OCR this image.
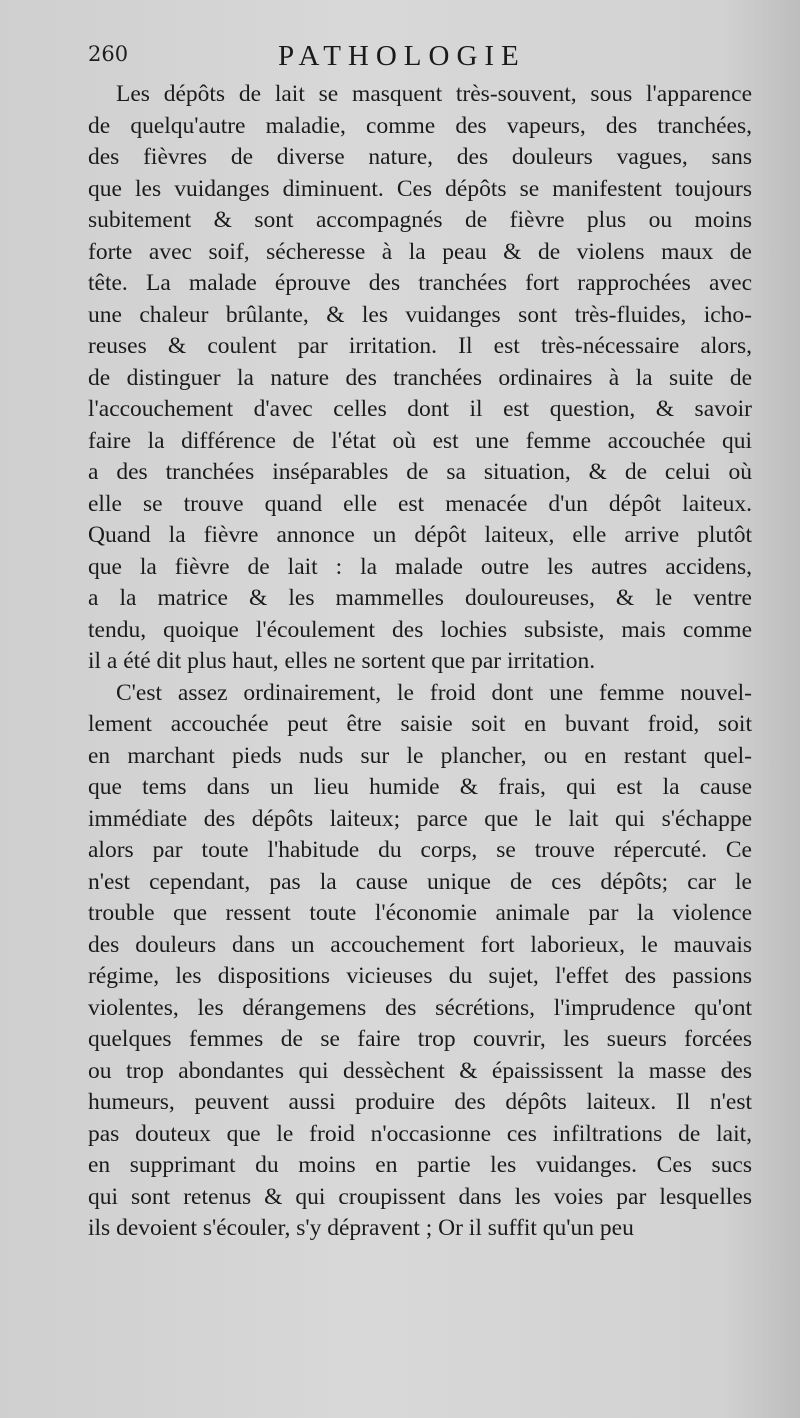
260	PATHOLOGIE
Les dépôts de lait se masquent très-souvent, sous l'apparence
de quelqu'autre maladie, comme des vapeurs, des tranchées,
des fièvres de diverse nature, des douleurs vagues, sans
que les vuidanges diminuent. Ces dépôts se manifestent toujours
subitement & sont accompagnés de fièvre plus ou moins
forte avec soif, sécheresse à la peau & de violens maux de
tête. La malade éprouve des tranchées fort rapprochées avec
une chaleur brûlante, & les vuidanges sont très-fluides, icho-
reuses & coulent par irritation. Il est très-nécessaire alors,
de distinguer la nature des tranchées ordinaires à la suite de
l'accouchement d'avec celles dont il est question, & savoir
faire la différence de l'état où est une femme accouchée qui
a des tranchées inséparables de sa situation, & de celui où
elle se trouve quand elle est menacée d'un dépôt laiteux.
Quand la fièvre annonce un dépôt laiteux, elle arrive plutôt
que la fièvre de lait : la malade outre les autres accidens,
a la matrice & les mammelles douloureuses, & le ventre
tendu, quoique l'écoulement des lochies subsiste, mais comme
il a été dit plus haut, elles ne sortent que par irritation.
C'est assez ordinairement, le froid dont une femme nouvel-
lement accouchée peut être saisie soit en buvant froid, soit
en marchant pieds nuds sur le plancher, ou en restant quel-
que tems dans un lieu humide & frais, qui est la cause
immédiate des dépôts laiteux; parce que le lait qui s'échappe
alors par toute l'habitude du corps, se trouve répercuté. Ce
n'est cependant, pas la cause unique de ces dépôts; car le
trouble que ressent toute l'économie animale par la violence
des douleurs dans un accouchement fort laborieux, le mauvais
régime, les dispositions vicieuses du sujet, l'effet des passions
violentes, les dérangemens des sécrétions, l'imprudence qu'ont
quelques femmes de se faire trop couvrir, les sueurs forcées
ou trop abondantes qui dessèchent & épaississent la masse des
humeurs, peuvent aussi produire des dépôts laiteux. Il n'est
pas douteux que le froid n'occasionne ces infiltrations de lait,
en supprimant du moins en partie les vuidanges. Ces sucs
qui sont retenus & qui croupissent dans les voies par lesquelles
ils devoient s'écouler, s'y dépravent ; Or il suffit qu'un peu
